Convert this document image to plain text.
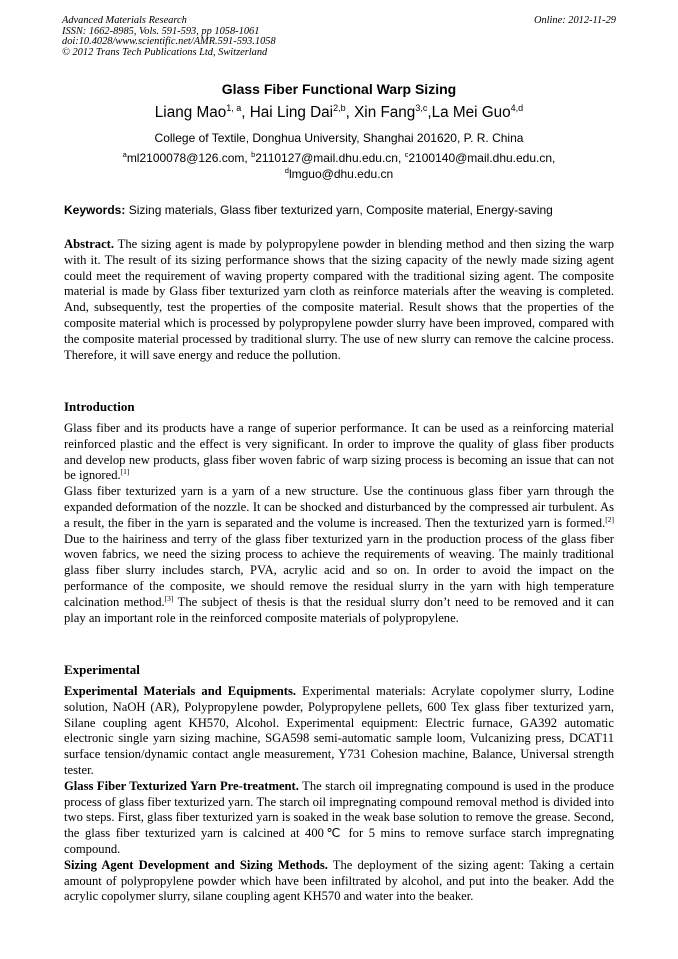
Advanced Materials Research
ISSN: 1662-8985, Vols. 591-593, pp 1058-1061
doi:10.4028/www.scientific.net/AMR.591-593.1058
© 2012 Trans Tech Publications Ltd, Switzerland
Online: 2012-11-29
Glass Fiber Functional Warp Sizing
Liang Mao$^{1, a}$, Hai Ling Dai$^{2,b}$, Xin Fang$^{3,c}$,La Mei Guo$^{4,d}$
College of Textile, Donghua University, Shanghai 201620, P. R. China
$^a$ml2100078@126.com, $^b$2110127@mail.dhu.edu.cn, $^c$2100140@mail.dhu.edu.cn,
$^d$lmguo@dhu.edu.cn
Keywords: Sizing materials, Glass fiber texturized yarn, Composite material, Energy-saving

Abstract. The sizing agent is made by polypropylene powder in blending method and then sizing the warp with it. The result of its sizing performance shows that the sizing capacity of the newly made sizing agent could meet the requirement of waving property compared with the traditional sizing agent. The composite material is made by Glass fiber texturized yarn cloth as reinforce materials after the weaving is completed. And, subsequently, test the properties of the composite material. Result shows that the properties of the composite material which is processed by polypropylene powder slurry have been improved, compared with the composite material processed by traditional slurry. The use of new slurry can remove the calcine process. Therefore, it will save energy and reduce the pollution.

Introduction

Glass fiber and its products have a range of superior performance. It can be used as a reinforcing material reinforced plastic and the effect is very significant. In order to improve the quality of glass fiber products and develop new products, glass fiber woven fabric of warp sizing process is becoming an issue that can not be ignored.[1]

Glass fiber texturized yarn is a yarn of a new structure. Use the continuous glass fiber yarn through the expanded deformation of the nozzle. It can be shocked and disturbanced by the compressed air turbulent. As a result, the fiber in the yarn is separated and the volume is increased. Then the texturized yarn is formed.[2] Due to the hairiness and terry of the glass fiber texturized yarn in the production process of the glass fiber woven fabrics, we need the sizing process to achieve the requirements of weaving. The mainly traditional glass fiber slurry includes starch, PVA, acrylic acid and so on. In order to avoid the impact on the performance of the composite, we should remove the residual slurry in the yarn with high temperature calcination method.[3] The subject of thesis is that the residual slurry don’t need to be removed and it can play an important role in the reinforced composite materials of polypropylene.

Experimental

Experimental Materials and Equipments. Experimental materials: Acrylate copolymer slurry, Lodine solution, NaOH (AR), Polypropylene powder, Polypropylene pellets, 600 Tex glass fiber texturized yarn, Silane coupling agent KH570, Alcohol. Experimental equipment: Electric furnace, GA392 automatic electronic single yarn sizing machine, SGA598 semi-automatic sample loom, Vulcanizing press, DCAT11 surface tension/dynamic contact angle measurement, Y731 Cohesion machine, Balance, Universal strength tester.

Glass Fiber Texturized Yarn Pre-treatment. The starch oil impregnating compound is used in the produce process of glass fiber texturized yarn. The starch oil impregnating compound removal method is divided into two steps. First, glass fiber texturized yarn is soaked in the weak base solution to remove the grease. Second, the glass fiber texturized yarn is calcined at 400℃ for 5 mins to remove surface starch impregnating compound.

Sizing Agent Development and Sizing Methods. The deployment of the sizing agent: Taking a certain amount of polypropylene powder which have been infiltrated by alcohol, and put into the beaker. Add the acrylic copolymer slurry, silane coupling agent KH570 and water into the beaker.
